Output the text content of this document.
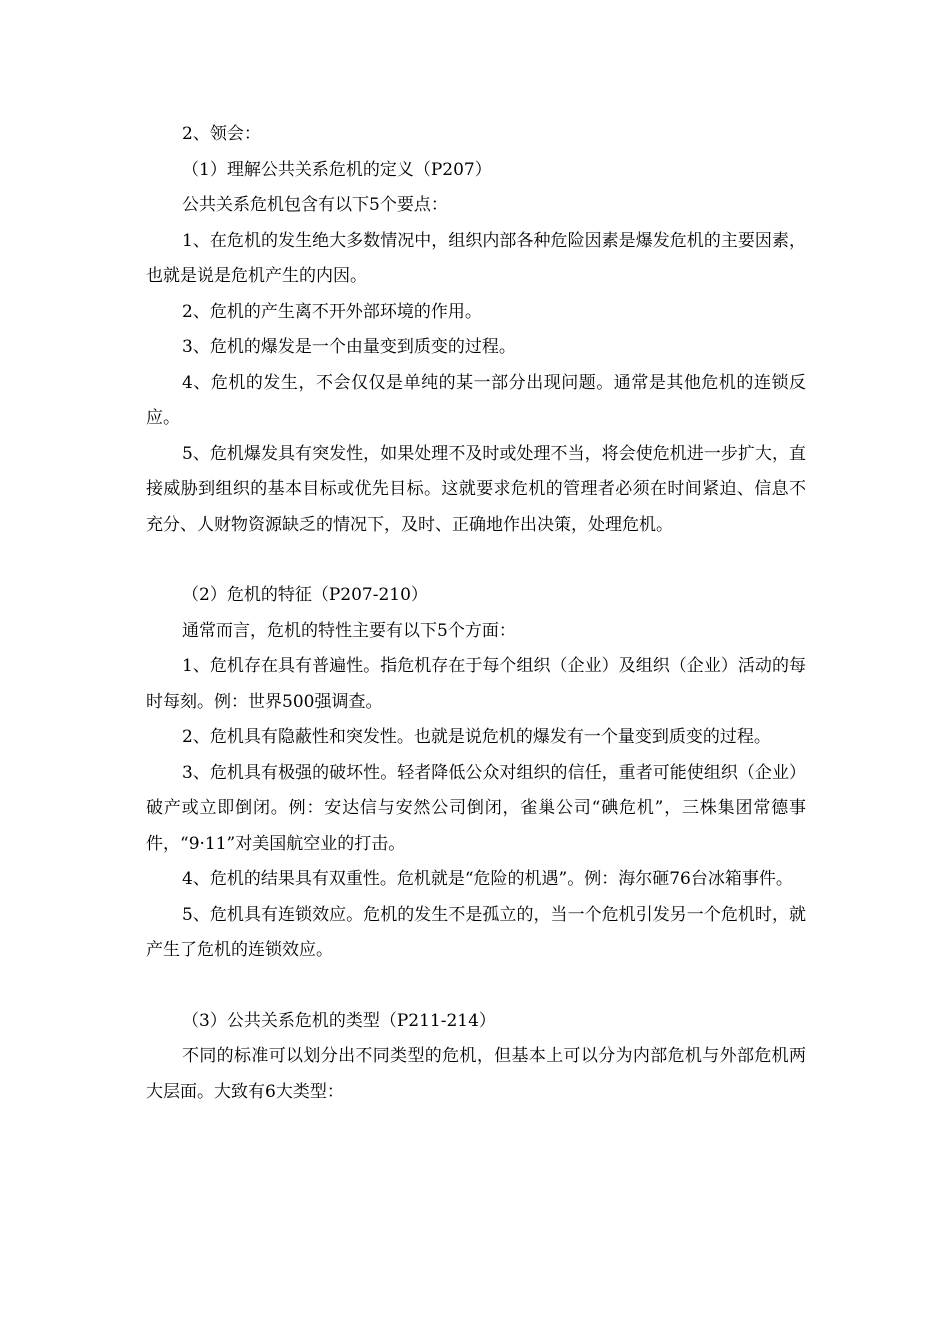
2、领会：

（1）理解公共关系危机的定义（P207）

公共关系危机包含有以下5个要点：

1、在危机的发生绝大多数情况中，组织内部各种危险因素是爆发危机的主要因素，也就是说是危机产生的内因。

2、危机的产生离不开外部环境的作用。

3、危机的爆发是一个由量变到质变的过程。

4、危机的发生，不会仅仅是单纯的某一部分出现问题。通常是其他危机的连锁反应。

5、危机爆发具有突发性，如果处理不及时或处理不当，将会使危机进一步扩大，直接威胁到组织的基本目标或优先目标。这就要求危机的管理者必须在时间紧迫、信息不充分、人财物资源缺乏的情况下，及时、正确地作出决策，处理危机。

（2）危机的特征（P207-210）

通常而言，危机的特性主要有以下5个方面：

1、危机存在具有普遍性。指危机存在于每个组织（企业）及组织（企业）活动的每时每刻。例：世界500强调查。

2、危机具有隐蔽性和突发性。也就是说危机的爆发有一个量变到质变的过程。

3、危机具有极强的破坏性。轻者降低公众对组织的信任，重者可能使组织（企业）破产或立即倒闭。例：安达信与安然公司倒闭，雀巢公司“碘危机”，三株集团常德事件，“9·11”对美国航空业的打击。

4、危机的结果具有双重性。危机就是“危险的机遇”。例：海尔砸76台冰箱事件。

5、危机具有连锁效应。危机的发生不是孤立的，当一个危机引发另一个危机时，就产生了危机的连锁效应。

（3）公共关系危机的类型（P211-214）

不同的标准可以划分出不同类型的危机，但基本上可以分为内部危机与外部危机两大层面。大致有6大类型：
